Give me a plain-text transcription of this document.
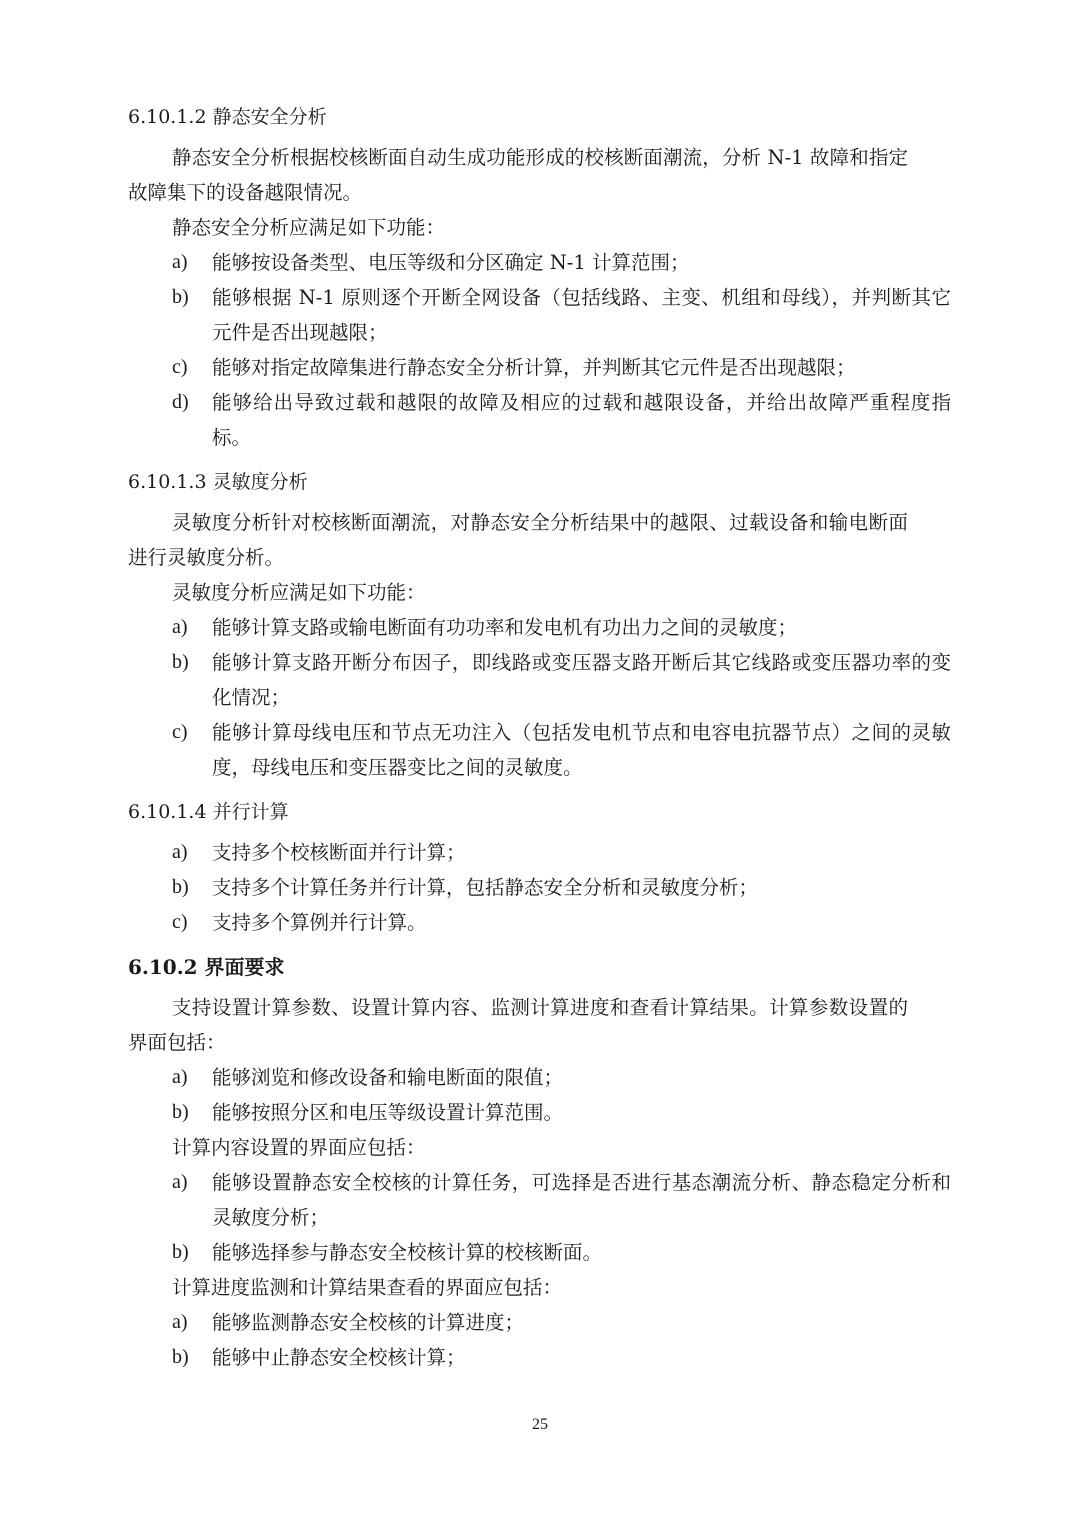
6.10.1.2 静态安全分析
静态安全分析根据校核断面自动生成功能形成的校核断面潮流，分析 N-1 故障和指定故障集下的设备越限情况。
静态安全分析应满足如下功能：
a) 能够按设备类型、电压等级和分区确定 N-1 计算范围；
b) 能够根据 N-1 原则逐个开断全网设备（包括线路、主变、机组和母线），并判断其它元件是否出现越限；
c) 能够对指定故障集进行静态安全分析计算，并判断其它元件是否出现越限；
d) 能够给出导致过载和越限的故障及相应的过载和越限设备，并给出故障严重程度指标。
6.10.1.3 灵敏度分析
灵敏度分析针对校核断面潮流，对静态安全分析结果中的越限、过载设备和输电断面进行灵敏度分析。
灵敏度分析应满足如下功能：
a) 能够计算支路或输电断面有功功率和发电机有功出力之间的灵敏度；
b) 能够计算支路开断分布因子，即线路或变压器支路开断后其它线路或变压器功率的变化情况；
c) 能够计算母线电压和节点无功注入（包括发电机节点和电容电抗器节点）之间的灵敏度，母线电压和变压器变比之间的灵敏度。
6.10.1.4 并行计算
a) 支持多个校核断面并行计算；
b) 支持多个计算任务并行计算，包括静态安全分析和灵敏度分析；
c) 支持多个算例并行计算。
6.10.2 界面要求
支持设置计算参数、设置计算内容、监测计算进度和查看计算结果。计算参数设置的界面包括：
a) 能够浏览和修改设备和输电断面的限值；
b) 能够按照分区和电压等级设置计算范围。
计算内容设置的界面应包括：
a) 能够设置静态安全校核的计算任务，可选择是否进行基态潮流分析、静态稳定分析和灵敏度分析；
b) 能够选择参与静态安全校核计算的校核断面。
计算进度监测和计算结果查看的界面应包括：
a) 能够监测静态安全校核的计算进度；
b) 能够中止静态安全校核计算；
25
